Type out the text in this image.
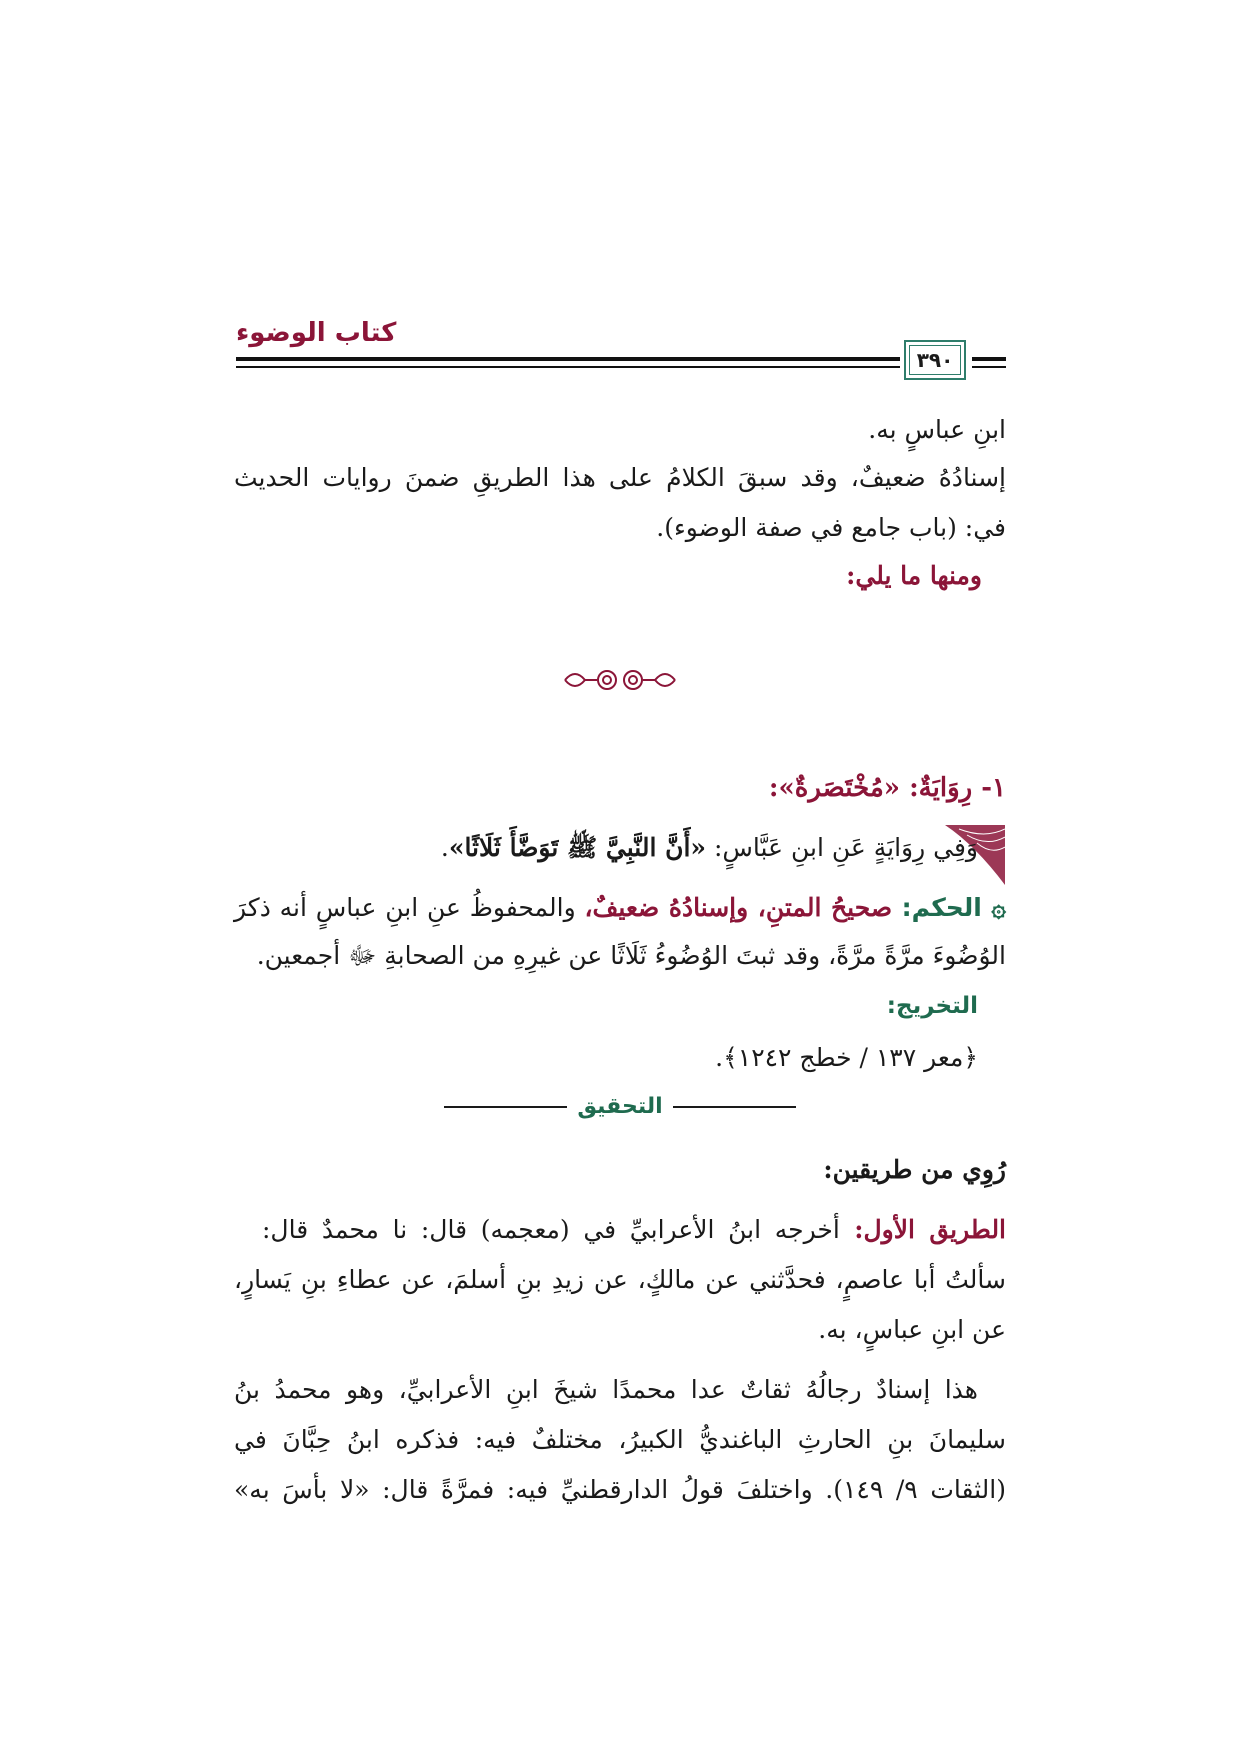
كتاب الوضوء
٣٩٠
ابنِ عباسٍ به.
إسنادُهُ ضعيفٌ، وقد سبقَ الكلامُ على هذا الطريقِ ضمنَ روايات الحديث
في: (باب جامع في صفة الوضوء).
ومنها ما يلي:
١- رِوَايَةٌ: «مُخْتَصَرةٌ»:
وَفِي رِوَايَةٍ عَنِ ابنِ عَبَّاسٍ: «أَنَّ النَّبِيَّ ﷺ تَوَضَّأَ ثَلَاثًا».
۞ الحكم: صحيحُ المتنِ، وإسنادُهُ ضعيفٌ، والمحفوظُ عنِ ابنِ عباسٍ أنه ذكرَ
الوُضُوءَ مرَّةً مرَّةً، وقد ثبتَ الوُضُوءُ ثَلَاثًا عن غيرِهِ من الصحابةِ ﷻ أجمعين.
التخريج:
﴿معر ١٣٧ / خطج ١٢٤٢﴾.
التحقيق
رُوِي من طريقين:
الطريق الأول: أخرجه ابنُ الأعرابيِّ في (معجمه) قال: نا محمدٌ قال:
سألتُ أبا عاصمٍ، فحدَّثني عن مالكٍ، عن زيدِ بنِ أسلمَ، عن عطاءِ بنِ يَسارٍ،
عن ابنِ عباسٍ، به.
هذا إسنادٌ رجالُهُ ثقاتٌ عدا محمدًا شيخَ ابنِ الأعرابيِّ، وهو محمدُ بنُ
سليمانَ بنِ الحارثِ الباغنديُّ الكبيرُ، مختلفٌ فيه: فذكره ابنُ حِبَّانَ في
(الثقات ٩/ ١٤٩). واختلفَ قولُ الدارقطنيِّ فيه: فمرَّةً قال: «لا بأسَ به»
